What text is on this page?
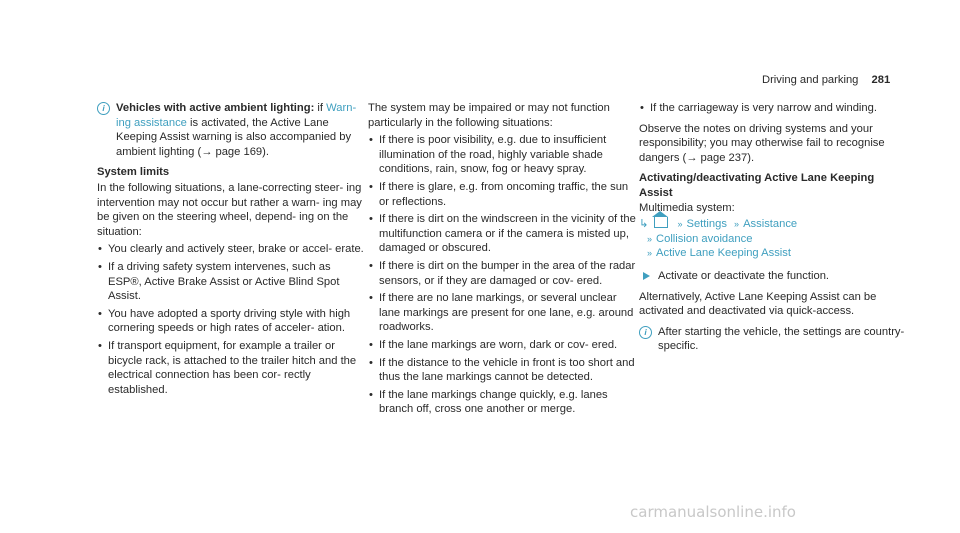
Driving and parking 281
i	Vehicles with active ambient lighting: if Warn- ing assistance is activated, the Active Lane Keeping Assist warning is also accompanied by ambient lighting (→ page 169).

System limits

In the following situations, a lane-correcting steer- ing intervention may not occur but rather a warn- ing may be given on the steering wheel, depend- ing on the situation:

• You clearly and actively steer, brake or accel- erate.
• If a driving safety system intervenes, such as ESP®, Active Brake Assist or Active Blind Spot Assist.
• You have adopted a sporty driving style with high cornering speeds or high rates of acceler- ation.
• If transport equipment, for example a trailer or bicycle rack, is attached to the trailer hitch and the electrical connection has been cor- rectly established.

The system may be impaired or may not function particularly in the following situations:

• If there is poor visibility, e.g. due to insufficient illumination of the road, highly variable shade conditions, rain, snow, fog or heavy spray.
• If there is glare, e.g. from oncoming traffic, the sun or reflections.
• If there is dirt on the windscreen in the vicinity of the multifunction camera or if the camera is misted up, damaged or obscured.
• If there is dirt on the bumper in the area of the radar sensors, or if they are damaged or cov- ered.
• If there are no lane markings, or several unclear lane markings are present for one lane, e.g. around roadworks.
• If the lane markings are worn, dark or cov- ered.
• If the distance to the vehicle in front is too short and thus the lane markings cannot be detected.
• If the lane markings change quickly, e.g. lanes branch off, cross one another or merge.
• If the carriageway is very narrow and winding.

Observe the notes on driving systems and your responsibility; you may otherwise fail to recognise dangers (→ page 237).

Activating/deactivating Active Lane Keeping Assist

Multimedia system:

↳	» Settings » Assistance
» Collision avoidance
» Active Lane Keeping Assist
Activate or deactivate the function.

Alternatively, Active Lane Keeping Assist can be activated and deactivated via quick-access.

i	After starting the vehicle, the settings are country-specific.
carmanualsonline.info
